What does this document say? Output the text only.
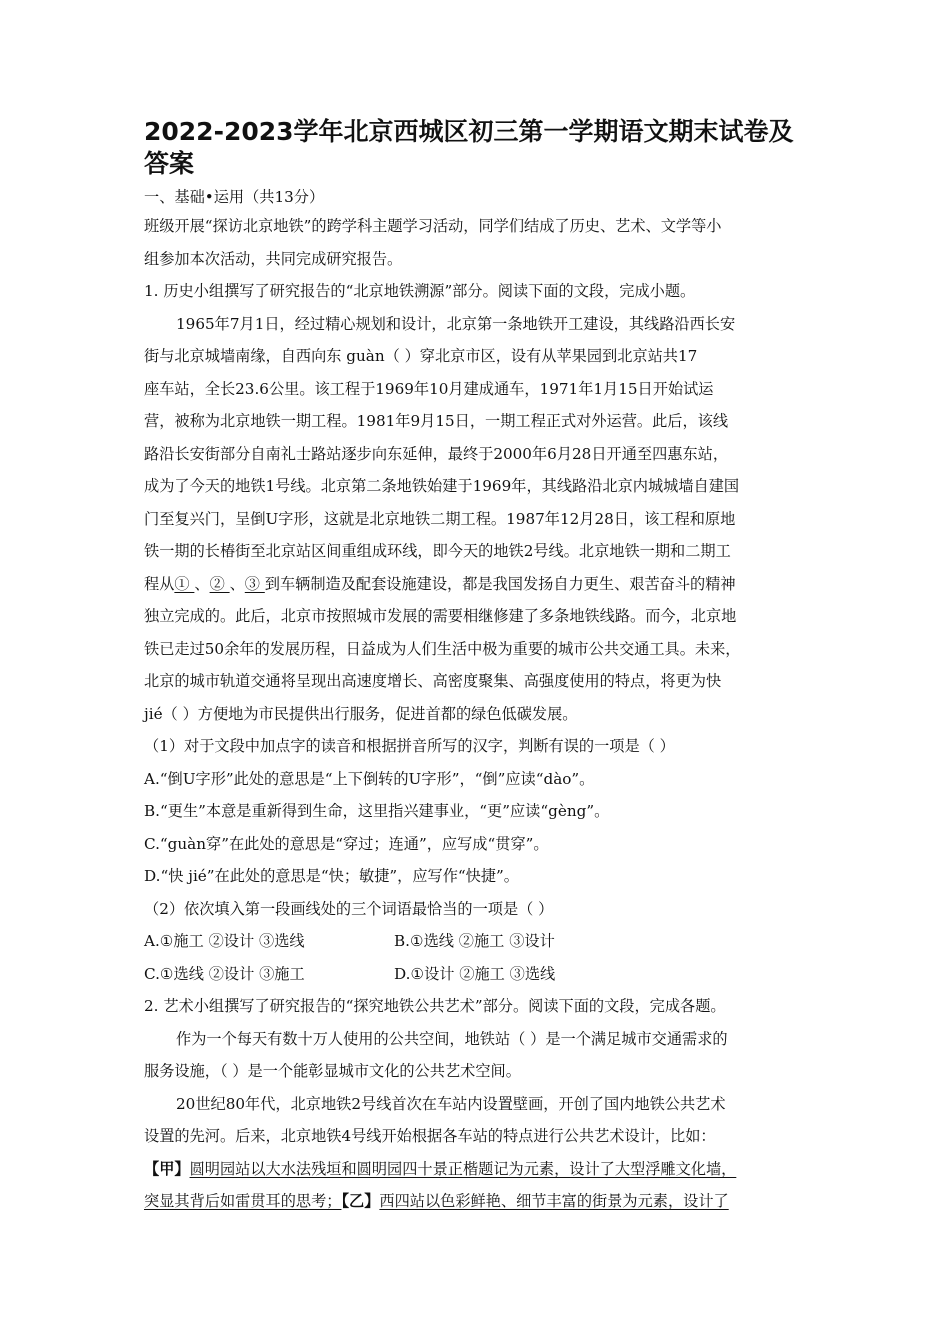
2022-2023学年北京西城区初三第一学期语文期末试卷及答案
一、基础•运用（共13分）
班级开展“探访北京地铁”的跨学科主题学习活动，同学们结成了历史、艺术、文学等小
组参加本次活动，共同完成研究报告。
1. 历史小组撰写了研究报告的“北京地铁溯源”部分。阅读下面的文段，完成小题。
1965年7月1日，经过精心规划和设计，北京第一条地铁开工建设，其线路沿西长安
街与北京城墙南缘，自西向东 guàn（ ）穿北京市区，设有从苹果园到北京站共17
座车站，全长23.6公里。该工程于1969年10月建成通车，1971年1月15日开始试运
营，被称为北京地铁一期工程。1981年9月15日，一期工程正式对外运营。此后，该线
路沿长安街部分自南礼士路站逐步向东延伸，最终于2000年6月28日开通至四惠东站，
成为了今天的地铁1号线。北京第二条地铁始建于1969年，其线路沿北京内城城墙自建国
门至复兴门，呈倒U字形，这就是北京地铁二期工程。1987年12月28日，该工程和原地
铁一期的长椿街至北京站区间重组成环线，即今天的地铁2号线。北京地铁一期和二期工
程从① 、② 、③ 到车辆制造及配套设施建设，都是我国发扬自力更生、艰苦奋斗的精神
独立完成的。此后，北京市按照城市发展的需要相继修建了多条地铁线路。而今，北京地
铁已走过50余年的发展历程，日益成为人们生活中极为重要的城市公共交通工具。未来，
北京的城市轨道交通将呈现出高速度增长、高密度聚集、高强度使用的特点，将更为快
jié（ ）方便地为市民提供出行服务，促进首都的绿色低碳发展。
（1）对于文段中加点字的读音和根据拼音所写的汉字，判断有误的一项是（ ）
A.“倒U字形”此处的意思是“上下倒转的U字形”，“倒”应读“dào”。
B.“更生”本意是重新得到生命，这里指兴建事业，“更”应读“gèng”。
C.“guàn穿”在此处的意思是“穿过；连通”，应写成“贯穿”。
D.“快 jié”在此处的意思是“快；敏捷”，应写作“快捷”。
（2）依次填入第一段画线处的三个词语最恰当的一项是（ ）
A.①施工 ②设计 ③选线	B.①选线 ②施工 ③设计
C.①选线 ②设计 ③施工	D.①设计 ②施工 ③选线
2. 艺术小组撰写了研究报告的“探究地铁公共艺术”部分。阅读下面的文段，完成各题。
作为一个每天有数十万人使用的公共空间，地铁站（ ）是一个满足城市交通需求的
服务设施，（ ）是一个能彰显城市文化的公共艺术空间。
20世纪80年代，北京地铁2号线首次在车站内设置壁画，开创了国内地铁公共艺术
设置的先河。后来，北京地铁4号线开始根据各车站的特点进行公共艺术设计，比如：
【甲】圆明园站以大水法残垣和圆明园四十景正楷题记为元素，设计了大型浮雕文化墙，
突显其背后如雷贯耳的思考；【乙】西四站以色彩鲜艳、细节丰富的街景为元素，设计了
